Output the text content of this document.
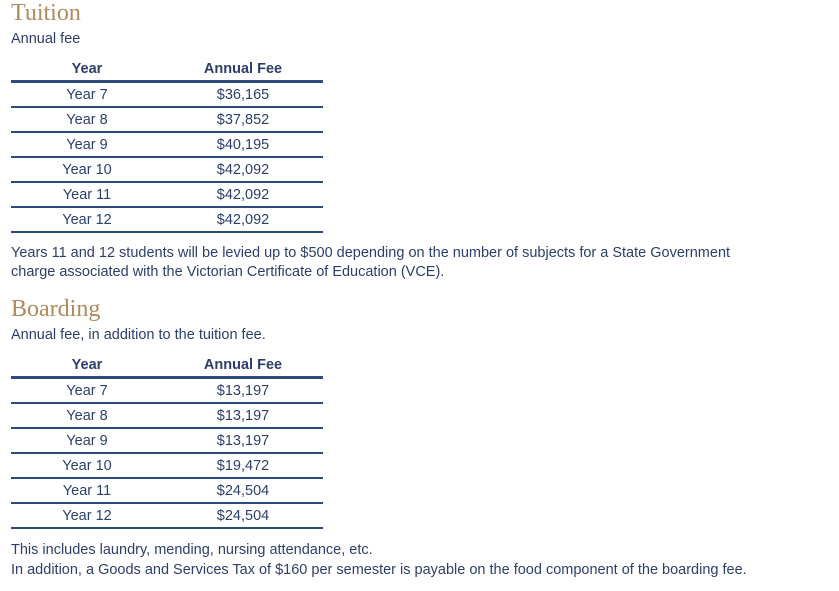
Tuition

Annual fee

Year	Annual Fee
Year 7	$36,165
Year 8	$37,852
Year 9	$40,195
Year 10	$42,092
Year 11	$42,092
Year 12	$42,092

Years 11 and 12 students will be levied up to $500 depending on the number of subjects for a State Government

charge associated with the Victorian Certificate of Education (VCE).

Boarding

Annual fee, in addition to the tuition fee.

Year	Annual Fee
Year 7	$13,197
Year 8	$13,197
Year 9	$13,197
Year 10	$19,472
Year 11	$24,504
Year 12	$24,504

This includes laundry, mending, nursing attendance, etc.

In addition, a Goods and Services Tax of $160 per semester is payable on the food component of the boarding fee.
